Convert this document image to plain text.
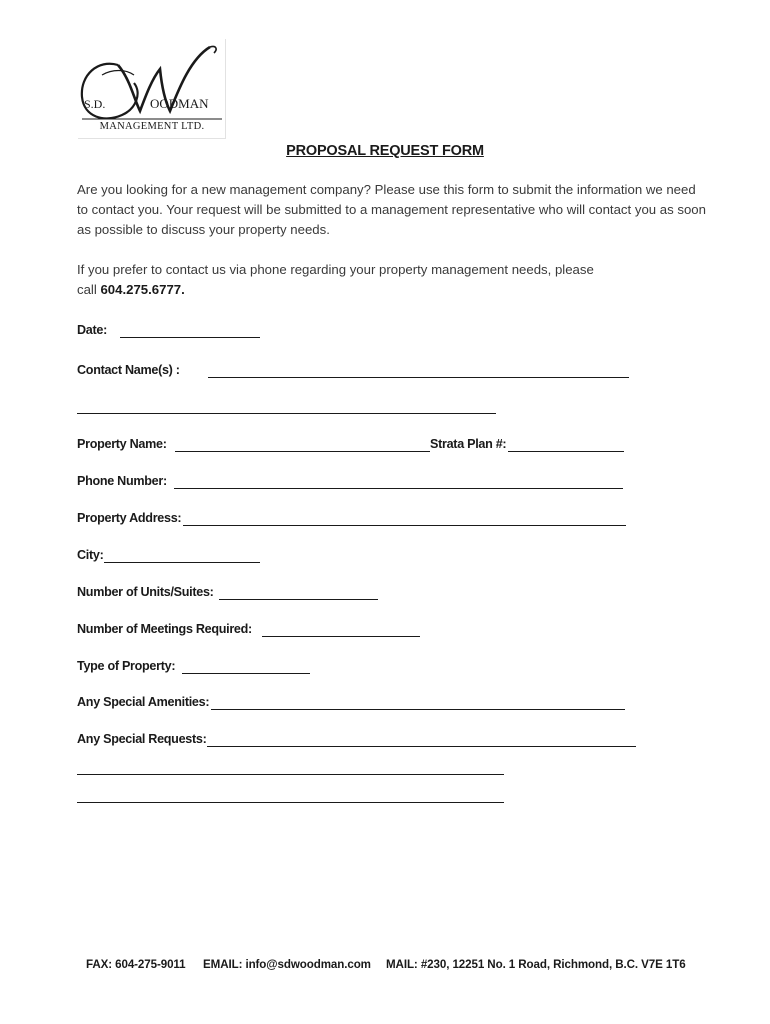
S.D.	OODMAN
MANAGEMENT LTD.
PROPOSAL REQUEST FORM

Are you looking for a new management company? Please use this form to submit the information we need to contact you. Your request will be submitted to a management representative who will contact you as soon as possible to discuss your property needs.

If you prefer to contact us via phone regarding your property management needs, please call 604.275.6777.

Date:
Contact Name(s) :
Property Name:	Strata Plan #:
Phone Number:
Property Address:
City:
Number of Units/Suites:
Number of Meetings Required:
Type of Property:
Any Special Amenities:
Any Special Requests:
FAX: 604-275-9011 EMAIL: info@sdwoodman.com MAIL: #230, 12251 No. 1 Road, Richmond, B.C. V7E 1T6
